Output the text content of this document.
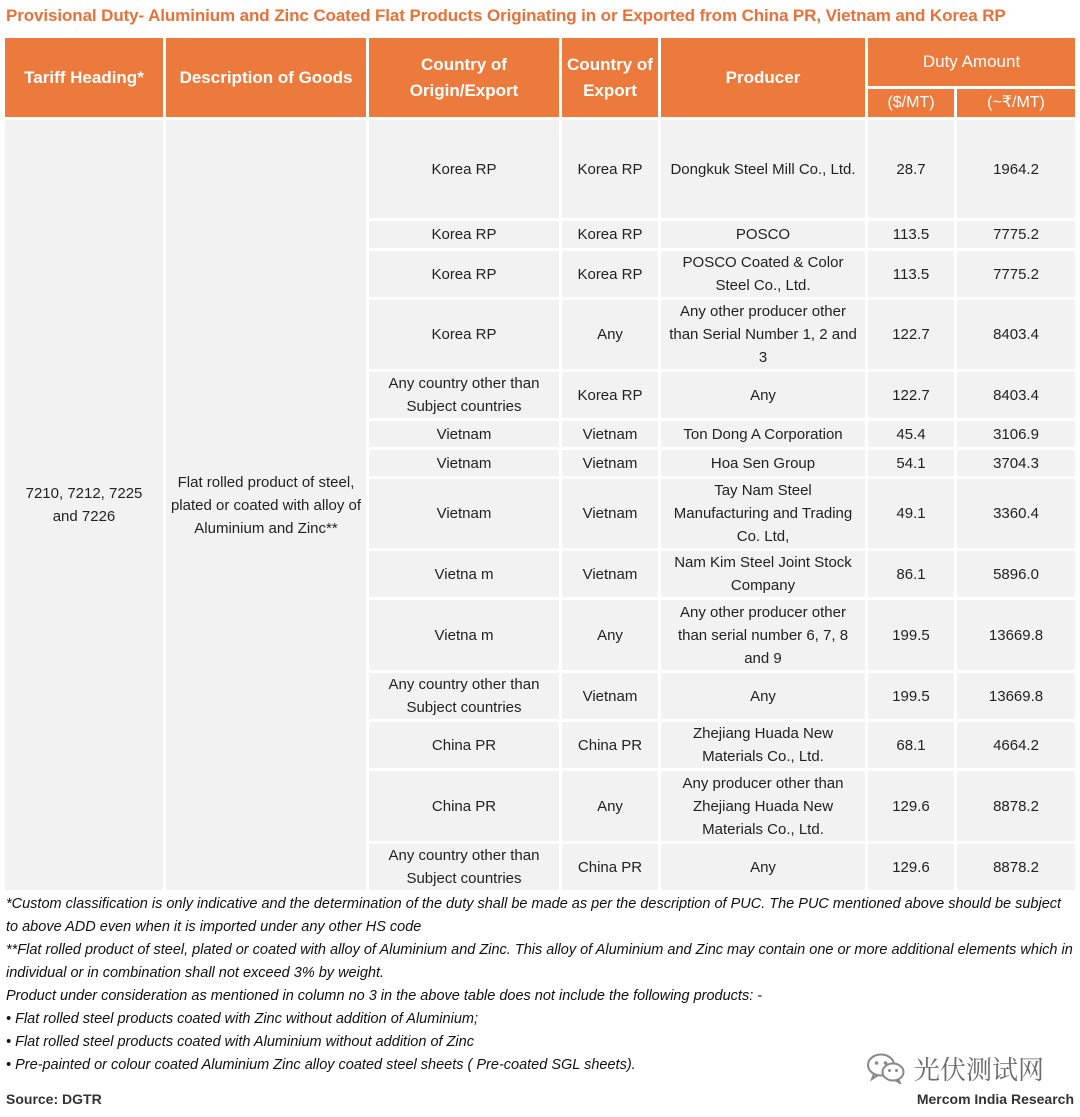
Provisional Duty- Aluminium and Zinc Coated Flat Products Originating in or Exported from China PR, Vietnam and Korea RP
Tariff Heading*	Description of Goods	Country of Origin/Export	Country of Export	Producer	Duty Amount	
					($/MT)	(~₹/MT)
7210, 7212, 7225 and 7226	Flat rolled product of steel, plated or coated with alloy of Aluminium and Zinc**	Korea RP	Korea RP	Dongkuk Steel Mill Co., Ltd.	28.7	1964.2
		Korea RP	Korea RP	POSCO	113.5	7775.2
		Korea RP	Korea RP	POSCO Coated & Color Steel Co., Ltd.	113.5	7775.2
		Korea RP	Any	Any other producer other than Serial Number 1, 2 and 3	122.7	8403.4
		Any country other than Subject countries	Korea RP	Any	122.7	8403.4
		Vietnam	Vietnam	Ton Dong A Corporation	45.4	3106.9
		Vietnam	Vietnam	Hoa Sen Group	54.1	3704.3
		Vietnam	Vietnam	Tay Nam Steel Manufacturing and Trading Co. Ltd,	49.1	3360.4
		Vietna m	Vietnam	Nam Kim Steel Joint Stock Company	86.1	5896.0
		Vietna m	Any	Any other producer other than serial number 6, 7, 8 and 9	199.5	13669.8
		Any country other than Subject countries	Vietnam	Any	199.5	13669.8
		China PR	China PR	Zhejiang Huada New Materials Co., Ltd.	68.1	4664.2
		China PR	Any	Any producer other than Zhejiang Huada New Materials Co., Ltd.	129.6	8878.2
		Any country other than Subject countries	China PR	Any	129.6	8878.2
*Custom classification is only indicative and the determination of the duty shall be made as per the description of PUC. The PUC mentioned above should be subject to above ADD even when it is imported under any other HS code
**Flat rolled product of steel, plated or coated with alloy of Aluminium and Zinc. This alloy of Aluminium and Zinc may contain one or more additional elements which in individual or in combination shall not exceed 3% by weight.
Product under consideration as mentioned in column no 3 in the above table does not include the following products: -
• Flat rolled steel products coated with Zinc without addition of Aluminium;
• Flat rolled steel products coated with Aluminium without addition of Zinc
• Pre-painted or colour coated Aluminium Zinc alloy coated steel sheets ( Pre-coated SGL sheets).	光伏测试网
Source: DGTR	Mercom India Research
